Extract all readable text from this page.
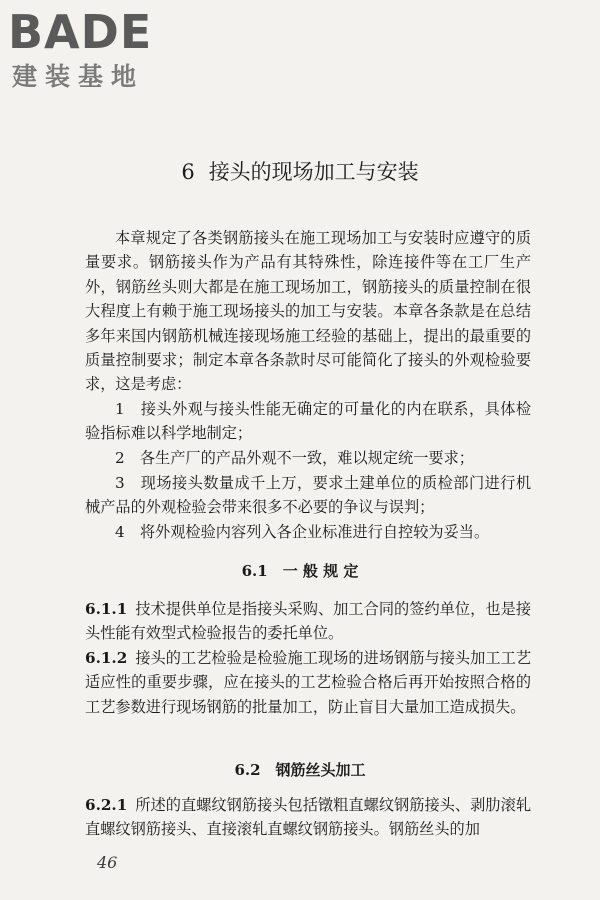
BADE
建装基地
6 接头的现场加工与安装

本章规定了各类钢筋接头在施工现场加工与安装时应遵守的质量要求。钢筋接头作为产品有其特殊性，除连接件等在工厂生产外，钢筋丝头则大都是在施工现场加工，钢筋接头的质量控制在很大程度上有赖于施工现场接头的加工与安装。本章各条款是在总结多年来国内钢筋机械连接现场施工经验的基础上，提出的最重要的质量控制要求；制定本章各条款时尽可能简化了接头的外观检验要求，这是考虑：

1　 接头外观与接头性能无确定的可量化的内在联系，具体检验指标难以科学地制定；

2　 各生产厂的产品外观不一致，难以规定统一要求；

3　 现场接头数量成千上万，要求土建单位的质检部门进行机械产品的外观检验会带来很多不必要的争议与误判；

4　 将外观检验内容列入各企业标准进行自控较为妥当。

6.1　一 般 规 定

6.1.1 技术提供单位是指接头采购、加工合同的签约单位，也是接头性能有效型式检验报告的委托单位。

6.1.2 接头的工艺检验是检验施工现场的进场钢筋与接头加工工艺适应性的重要步骤，应在接头的工艺检验合格后再开始按照合格的工艺参数进行现场钢筋的批量加工，防止盲目大量加工造成损失。

6.2　钢筋丝头加工

6.2.1 所述的直螺纹钢筋接头包括镦粗直螺纹钢筋接头、剥肋滚轧直螺纹钢筋接头、直接滚轧直螺纹钢筋接头。钢筋丝头的加

46
